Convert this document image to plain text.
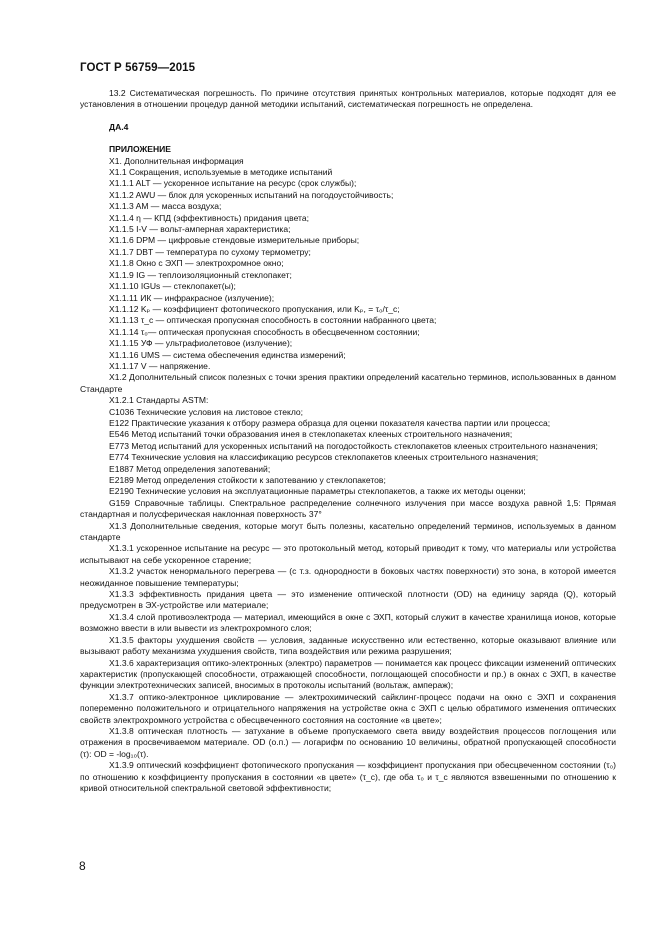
ГОСТ Р 56759—2015

13.2 Систематическая погрешность. По причине отсутствия принятых контрольных материалов, которые подходят для ее установления в отношении процедур данной методики испытаний, систематическая погрешность не определена.

ДА.4

ПРИЛОЖЕНИЕ

X1. Дополнительная информация

X1.1 Сокращения, используемые в методике испытаний

X1.1.1 ALT — ускоренное испытание на ресурс (срок службы);

X1.1.2 AWU — блок для ускоренных испытаний на погодоустойчивость;

X1.1.3 AM — масса воздуха;

X1.1.4 η — КПД (эффективность) придания цвета;

X1.1.5 I-V — вольт-амперная характеристика;

X1.1.6 DPM — цифровые стендовые измерительные приборы;

X1.1.7 DBT — температура по сухому термометру;

X1.1.8 Окно с ЭХП — электрохромное окно;

X1.1.9 IG — теплоизоляционный стеклопакет;

X1.1.10 IGUs — стеклопакет(ы);

X1.1.11 ИК — инфракрасное (излучение);

X1.1.12 Kₚ — коэффициент фотопического пропускания, или Kₚ, = τ₀/τ_c;

X1.1.13 τ_c — оптическая пропускная способность в состоянии набранного цвета;

X1.1.14 τ₀— оптическая пропускная способность в обесцвеченном состоянии;

X1.1.15 УФ — ультрафиолетовое (излучение);

X1.1.16 UMS — система обеспечения единства измерений;

X1.1.17 V — напряжение.

X1.2 Дополнительный список полезных с точки зрения практики определений касательно терминов, использованных в данном Стандарте

X1.2.1 Стандарты ASTM:

C1036 Технические условия на листовое стекло;

E122 Практические указания к отбору размера образца для оценки показателя качества партии или процесса;

E546 Метод испытаний точки образования инея в стеклопакетах клееных строительного назначения;

E773 Метод испытаний для ускоренных испытаний на погодостойкость стеклопакетов клееных строительного назначения;

E774 Технические условия на классификацию ресурсов стеклопакетов клееных строительного назначения;

E1887 Метод определения запотеваний;

E2189 Метод определения стойкости к запотеванию у стеклопакетов;

E2190 Технические условия на эксплуатационные параметры стеклопакетов, а также их методы оценки;

G159 Справочные таблицы. Спектральное распределение солнечного излучения при массе воздуха равной 1,5: Прямая стандартная и полусферическая наклонная поверхность 37°

X1.3 Дополнительные сведения, которые могут быть полезны, касательно определений терминов, используемых в данном стандарте

X1.3.1 ускоренное испытание на ресурс — это протокольный метод, который приводит к тому, что материалы или устройства испытывают на себе ускоренное старение;

X1.3.2 участок ненормального перегрева — (с т.з. однородности в боковых частях поверхности) это зона, в которой имеется неожиданное повышение температуры;

X1.3.3 эффективность придания цвета — это изменение оптической плотности (OD) на единицу заряда (Q), который предусмотрен в ЭХ-устройстве или материале;

X1.3.4 слой противоэлектрода — материал, имеющийся в окне с ЭХП, который служит в качестве хранилища ионов, которые возможно ввести в или вывести из электрохромного слоя;

X1.3.5 факторы ухудшения свойств — условия, заданные искусственно или естественно, которые оказывают влияние или вызывают работу механизма ухудшения свойств, типа воздействия или режима разрушения;

X1.3.6 характеризация оптико-электронных (электро) параметров — понимается как процесс фиксации изменений оптических характеристик (пропускающей способности, отражающей способности, поглощающей способности и пр.) в окнах с ЭХП, в качестве функции электротехнических записей, вносимых в протоколы испытаний (вольтаж, ампераж);

X1.3.7 оптико-электронное циклирование — электрохимический сайклинг-процесс подачи на окно с ЭХП и сохранения попеременно положительного и отрицательного напряжения на устройстве окна с ЭХП с целью обратимого изменения оптических свойств электрохромного устройства с обесцвеченного состояния на состояние «в цвете»;

X1.3.8 оптическая плотность — затухание в объеме пропускаемого света ввиду воздействия процессов поглощения или отражения в просвечиваемом материале. OD (о.п.) — логарифм по основанию 10 величины, обратной пропускающей способности (τ): OD = -log₁₀(τ).

X1.3.9 оптический коэффициент фотопического пропускания — коэффициент пропускания при обесцвеченном состоянии (τ₀) по отношению к коэффициенту пропускания в состоянии «в цвете» (τ_c), где оба τ₀ и τ_c являются взвешенными по отношению к кривой относительной спектральной световой эффективности;

8
